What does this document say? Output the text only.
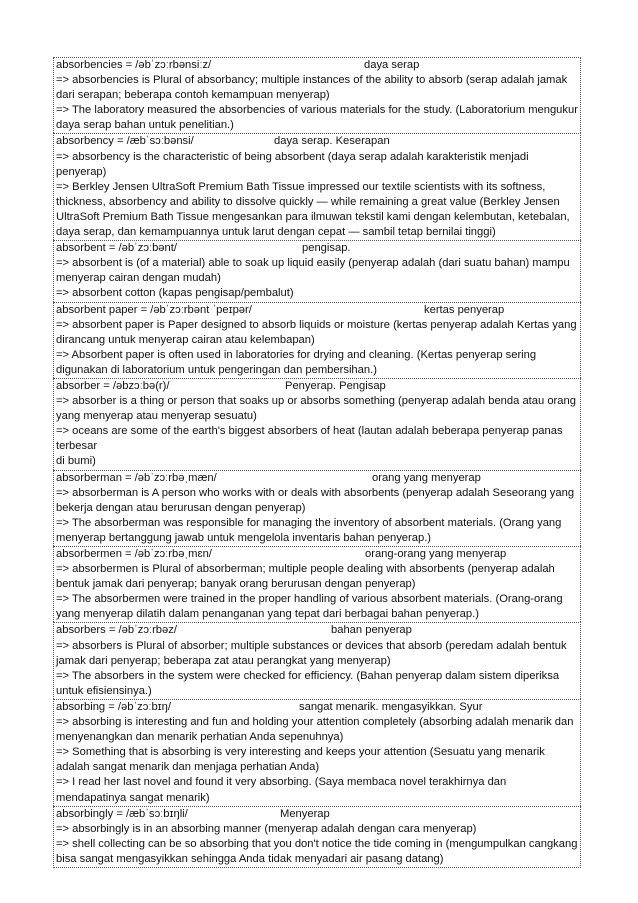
absorbencies = /əbˈzɔːrbənsiːz/	daya serap
=> absorbencies is Plural of absorbancy; multiple instances of the ability to absorb (serap adalah jamak dari serapan; beberapa contoh kemampuan menyerap)
=> The laboratory measured the absorbencies of various materials for the study. (Laboratorium mengukur daya serap bahan untuk penelitian.)
absorbency = /æbˈsɔːbənsi/	daya serap. Keserapan
=> absorbency is the characteristic of being absorbent (daya serap adalah karakteristik menjadi penyerap)
=> Berkley Jensen UltraSoft Premium Bath Tissue impressed our textile scientists with its softness, thickness, absorbency and ability to dissolve quickly — while remaining a great value (Berkley Jensen UltraSoft Premium Bath Tissue mengesankan para ilmuwan tekstil kami dengan kelembutan, ketebalan, daya serap, dan kemampuannya untuk larut dengan cepat — sambil tetap bernilai tinggi)
absorbent = /əbˈzɔːbənt/	pengisap.
=> absorbent is (of a material) able to soak up liquid easily (penyerap adalah (dari suatu bahan) mampu menyerap cairan dengan mudah)
=> absorbent cotton (kapas pengisap/pembalut)
absorbent paper = /əbˈzɔːrbənt ˈpeɪpər/	kertas penyerap
=> absorbent paper is Paper designed to absorb liquids or moisture (kertas penyerap adalah Kertas yang dirancang untuk menyerap cairan atau kelembapan)
=> Absorbent paper is often used in laboratories for drying and cleaning. (Kertas penyerap sering digunakan di laboratorium untuk pengeringan dan pembersihan.)
absorber = /əbzɔːbə(r)/	Penyerap. Pengisap
=> absorber is a thing or person that soaks up or absorbs something (penyerap adalah benda atau orang yang menyerap atau menyerap sesuatu)
=> oceans are some of the earth's biggest absorbers of heat (lautan adalah beberapa penyerap panas terbesar
di bumi)
absorberman = /əbˈzɔːrbəˌmæn/	orang yang menyerap
=> absorberman is A person who works with or deals with absorbents (penyerap adalah Seseorang yang bekerja dengan atau berurusan dengan penyerap)
=> The absorberman was responsible for managing the inventory of absorbent materials. (Orang yang menyerap bertanggung jawab untuk mengelola inventaris bahan penyerap.)
absorbermen = /əbˈzɔːrbəˌmɛn/	orang-orang yang menyerap
=> absorbermen is Plural of absorberman; multiple people dealing with absorbents (penyerap adalah bentuk jamak dari penyerap; banyak orang berurusan dengan penyerap)
=> The absorbermen were trained in the proper handling of various absorbent materials. (Orang-orang yang menyerap dilatih dalam penanganan yang tepat dari berbagai bahan penyerap.)
absorbers = /əbˈzɔːrbəz/	bahan penyerap
=> absorbers is Plural of absorber; multiple substances or devices that absorb (peredam adalah bentuk jamak dari penyerap; beberapa zat atau perangkat yang menyerap)
=> The absorbers in the system were checked for efficiency. (Bahan penyerap dalam sistem diperiksa untuk efisiensinya.)
absorbing = /əbˈzɔːbɪŋ/	sangat menarik. mengasyikkan. Syur
=> absorbing is interesting and fun and holding your attention completely (absorbing adalah menarik dan menyenangkan dan menarik perhatian Anda sepenuhnya)
=> Something that is absorbing is very interesting and keeps your attention (Sesuatu yang menarik adalah sangat menarik dan menjaga perhatian Anda)
=> I read her last novel and found it very absorbing. (Saya membaca novel terakhirnya dan mendapatinya sangat menarik)
absorbingly = /æbˈsɔːbɪŋli/	Menyerap
=> absorbingly is in an absorbing manner (menyerap adalah dengan cara menyerap)
=> shell collecting can be so absorbing that you don't notice the tide coming in (mengumpulkan cangkang bisa sangat mengasyikkan sehingga Anda tidak menyadari air pasang datang)
